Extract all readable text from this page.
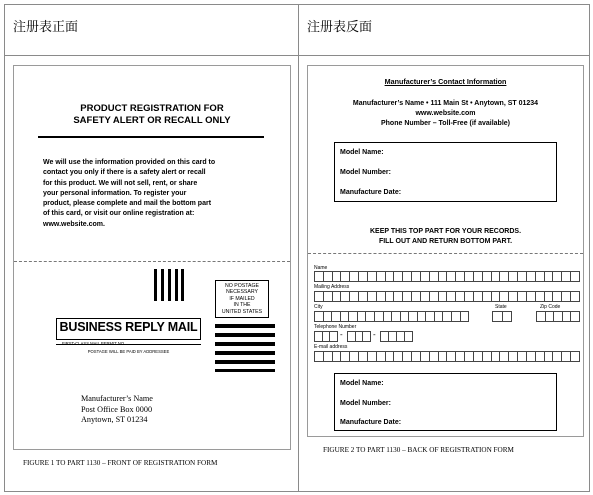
注册表正面	注册表反面
PRODUCT REGISTRATION FOR
SAFETY ALERT OR RECALL ONLY
We will use the information provided on this card to
contact you only if there is a safety alert or recall
for this product. We will not sell, rent, or share
your personal information. To register your
product, please complete and mail the bottom part
of this card, or visit our online registration at:
www.website.com.
NO POSTAGE
NECESSARY
IF MAILED
IN THE
UNITED STATES
BUSINESS REPLY MAIL
FIRST-CLASS MAIL PERMIT NO.
POSTAGE WILL BE PAID BY ADDRESSEE
Manufacturer’s Name
Post Office Box 0000
Anytown, ST 01234
FIGURE 1 TO PART 1130 – FRONT OF REGISTRATION FORM
Manufacturer’s Contact Information
Manufacturer’s Name • 111 Main St • Anytown, ST 01234
www.website.com
Phone Number – Toll-Free (if available)
Model Name:
Model Number:
Manufacture Date:
KEEP THIS TOP PART FOR YOUR RECORDS.
FILL OUT AND RETURN BOTTOM PART.
Name
Mailing Address
City	State	Zip Code
Telephone Number
-	-
E-mail address
Model Name:
Model Number:
Manufacture Date:
FIGURE 2 TO PART 1130 – BACK OF REGISTRATION FORM
